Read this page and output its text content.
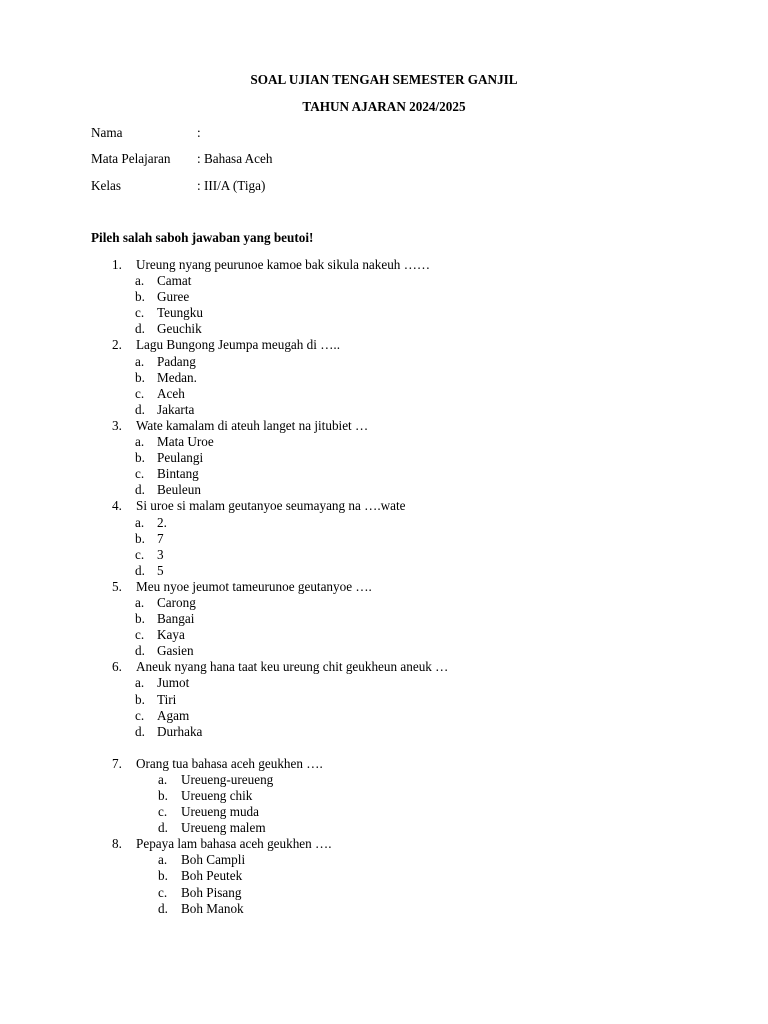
SOAL UJIAN TENGAH SEMESTER GANJIL
TAHUN AJARAN 2024/2025
Nama	:
Mata Pelajaran : Bahasa Aceh
Kelas	: III/A (Tiga)
Pileh salah saboh jawaban yang beutoi!
1. Ureung nyang peurunoe kamoe bak sikula nakeuh ……
a. Camat
b. Guree
c. Teungku
d. Geuchik
2. Lagu Bungong Jeumpa meugah di …..
a. Padang
b. Medan.
c. Aceh
d. Jakarta
3. Wate kamalam di ateuh langet na jitubiet …
a. Mata Uroe
b. Peulangi
c. Bintang
d. Beuleun
4. Si uroe si malam geutanyoe seumayang na ….wate
a. 2.
b. 7
c. 3
d. 5
5. Meu nyoe jeumot tameurunoe geutanyoe ….
a. Carong
b. Bangai
c. Kaya
d. Gasien
6. Aneuk nyang hana taat keu ureung chit geukheun aneuk …
a. Jumot
b. Tiri
c. Agam
d. Durhaka
7. Orang tua bahasa aceh geukhen ….
a. Ureueng-ureueng
b. Ureueng chik
c. Ureueng muda
d. Ureueng malem
8. Pepaya lam bahasa aceh geukhen ….
a. Boh Campli
b. Boh Peutek
c. Boh Pisang
d. Boh Manok
